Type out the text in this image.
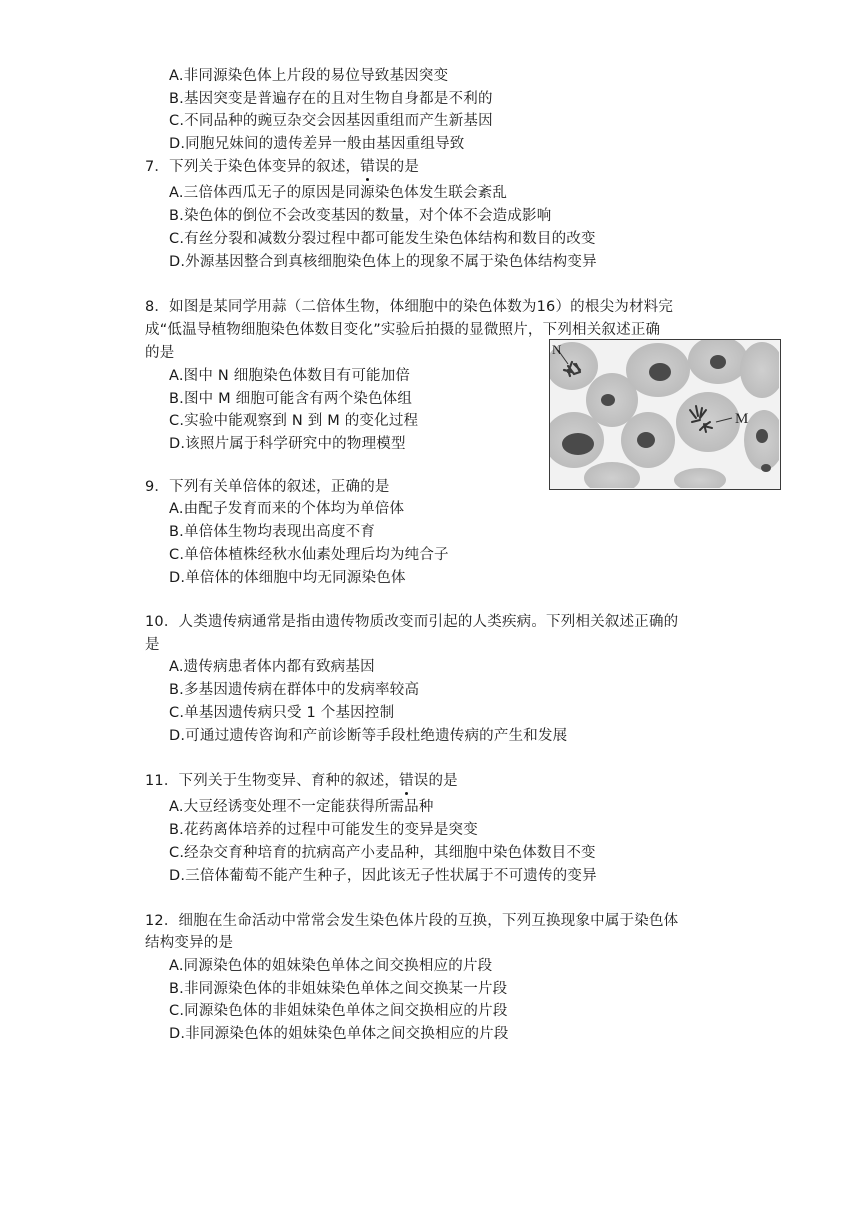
A.非同源染色体上片段的易位导致基因突变
B.基因突变是普遍存在的且对生物自身都是不利的
C.不同品种的豌豆杂交会因基因重组而产生新基因
D.同胞兄妹间的遗传差异一般由基因重组导致
7．下列关于染色体变异的叙述，错误的是
A.三倍体西瓜无子的原因是同源染色体发生联会紊乱
B.染色体的倒位不会改变基因的数量，对个体不会造成影响
C.有丝分裂和减数分裂过程中都可能发生染色体结构和数目的改变
D.外源基因整合到真核细胞染色体上的现象不属于染色体结构变异
8．如图是某同学用蒜（二倍体生物，体细胞中的染色体数为16）的根尖为材料完
成“低温导植物细胞染色体数目变化”实验后拍摄的显微照片，下列相关叙述正确
的是
A.图中 N 细胞染色体数目有可能加倍
B.图中 M 细胞可能含有两个染色体组
C.实验中能观察到 N 到 M 的变化过程
D.该照片属于科学研究中的物理模型
N
M
9．下列有关单倍体的叙述，正确的是
A.由配子发育而来的个体均为单倍体
B.单倍体生物均表现出高度不育
C.单倍体植株经秋水仙素处理后均为纯合子
D.单倍体的体细胞中均无同源染色体
10．人类遗传病通常是指由遗传物质改变而引起的人类疾病。下列相关叙述正确的
是
A.遗传病患者体内都有致病基因
B.多基因遗传病在群体中的发病率较高
C.单基因遗传病只受 1 个基因控制
D.可通过遗传咨询和产前诊断等手段杜绝遗传病的产生和发展
11．下列关于生物变异、育种的叙述，错误的是
A.大豆经诱变处理不一定能获得所需品种
B.花药离体培养的过程中可能发生的变异是突变
C.经杂交育种培育的抗病高产小麦品种，其细胞中染色体数目不变
D.三倍体葡萄不能产生种子，因此该无子性状属于不可遗传的变异
12．细胞在生命活动中常常会发生染色体片段的互换，下列互换现象中属于染色体
结构变异的是
A.同源染色体的姐妹染色单体之间交换相应的片段
B.非同源染色体的非姐妹染色单体之间交换某一片段
C.同源染色体的非姐妹染色单体之间交换相应的片段
D.非同源染色体的姐妹染色单体之间交换相应的片段
